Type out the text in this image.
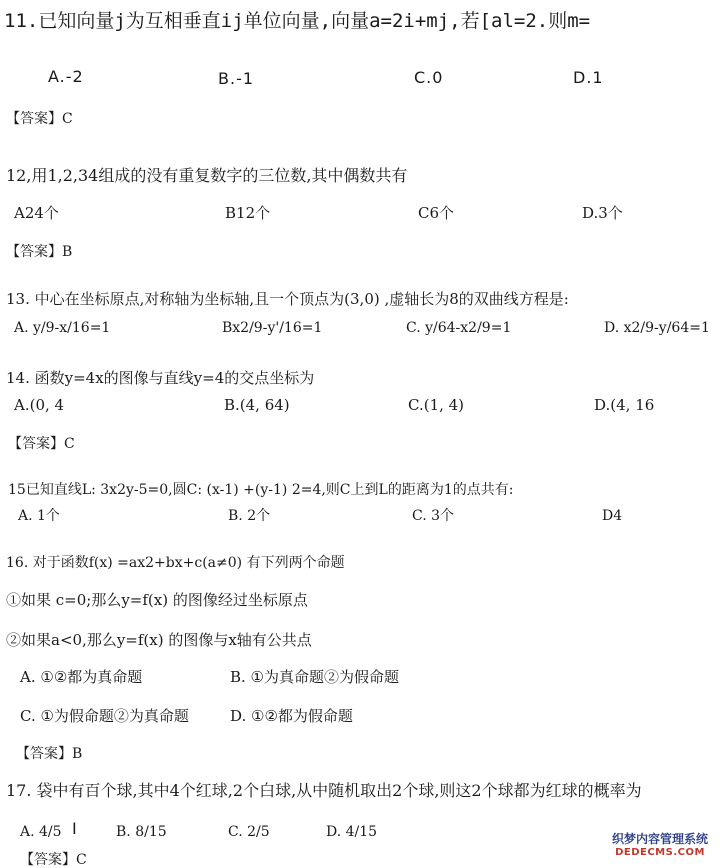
11.已知向量j为互相垂直ij单位向量,向量a=2i+mj,若[al=2.则m=
A.-2	B.-1	C.0	D.1
【答案】C
12,用1,2,34组成的没有重复数字的三位数,其中偶数共有
A24个	B12个	C6个	D.3个
【答案】B
13. 中心在坐标原点,对称轴为坐标轴,且一个顶点为(3,0) ,虚轴长为8的双曲线方程是:
A. y/9-x/16=1	Bx2/9-y'/16=1	C. y/64-x2/9=1	D. x2/9-y/64=1
14. 函数y=4x的图像与直线y=4的交点坐标为
A.(0, 4	B.(4, 64)	C.(1, 4)	D.(4, 16
【答案】C
15已知直线L: 3x2y-5=0,圆C: (x-1) +(y-1) 2=4,则C上到L的距离为1的点共有:
A. 1个	B. 2个	C. 3个	D4
16. 对于函数f(x) =ax2+bx+c(a≠0) 有下列两个命题
①如果 c=0;那么y=f(x) 的图像经过坐标原点
②如果a<0,那么y=f(x) 的图像与x轴有公共点
A. ①②都为真命题	B. ①为真命题②为假命题
C. ①为假命题②为真命题	D. ①②都为假命题
【答案】B
17. 袋中有百个球,其中4个红球,2个白球,从中随机取出2个球,则这2个球都为红球的概率为
A. 4/5 I	B. 8/15	C. 2/5	D. 4/15
【答案】C
织梦内容管理系统
DEDECMS.COM
